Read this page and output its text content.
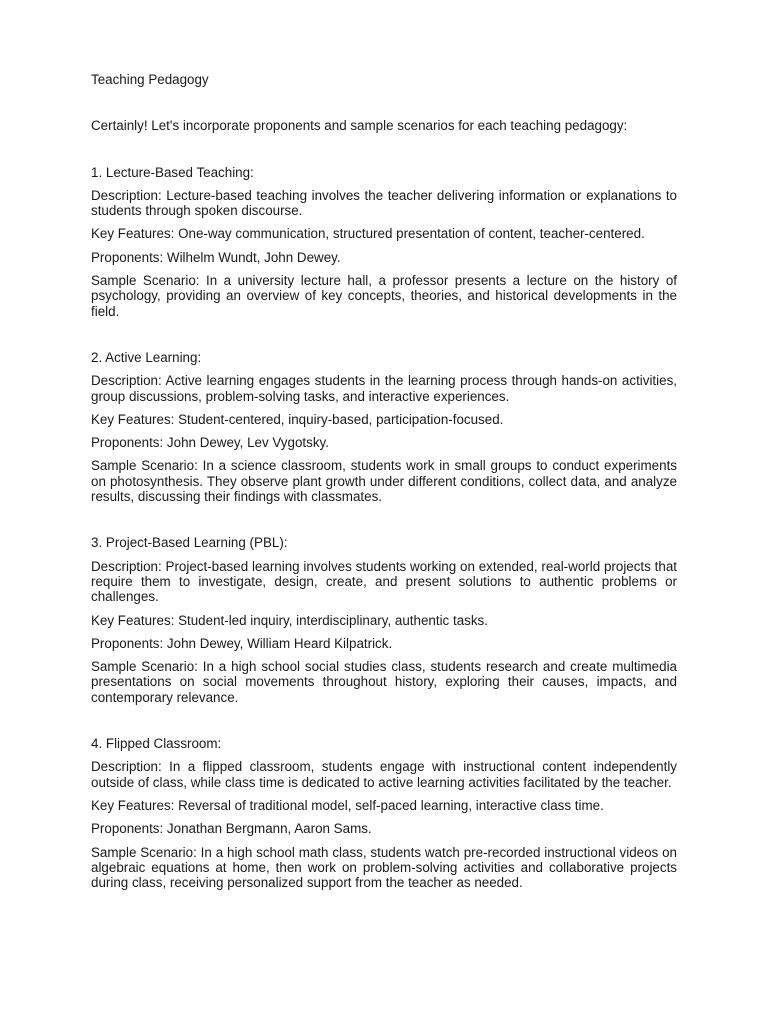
Teaching Pedagogy
Certainly! Let's incorporate proponents and sample scenarios for each teaching pedagogy:
1. Lecture-Based Teaching:
Description: Lecture-based teaching involves the teacher delivering information or explanations to students through spoken discourse.
Key Features: One-way communication, structured presentation of content, teacher-centered.
Proponents: Wilhelm Wundt, John Dewey.
Sample Scenario: In a university lecture hall, a professor presents a lecture on the history of psychology, providing an overview of key concepts, theories, and historical developments in the field.
2. Active Learning:
Description: Active learning engages students in the learning process through hands-on activities, group discussions, problem-solving tasks, and interactive experiences.
Key Features: Student-centered, inquiry-based, participation-focused.
Proponents: John Dewey, Lev Vygotsky.
Sample Scenario: In a science classroom, students work in small groups to conduct experiments on photosynthesis. They observe plant growth under different conditions, collect data, and analyze results, discussing their findings with classmates.
3. Project-Based Learning (PBL):
Description: Project-based learning involves students working on extended, real-world projects that require them to investigate, design, create, and present solutions to authentic problems or challenges.
Key Features: Student-led inquiry, interdisciplinary, authentic tasks.
Proponents: John Dewey, William Heard Kilpatrick.
Sample Scenario: In a high school social studies class, students research and create multimedia presentations on social movements throughout history, exploring their causes, impacts, and contemporary relevance.
4. Flipped Classroom:
Description: In a flipped classroom, students engage with instructional content independently outside of class, while class time is dedicated to active learning activities facilitated by the teacher.
Key Features: Reversal of traditional model, self-paced learning, interactive class time.
Proponents: Jonathan Bergmann, Aaron Sams.
Sample Scenario: In a high school math class, students watch pre-recorded instructional videos on algebraic equations at home, then work on problem-solving activities and collaborative projects during class, receiving personalized support from the teacher as needed.
